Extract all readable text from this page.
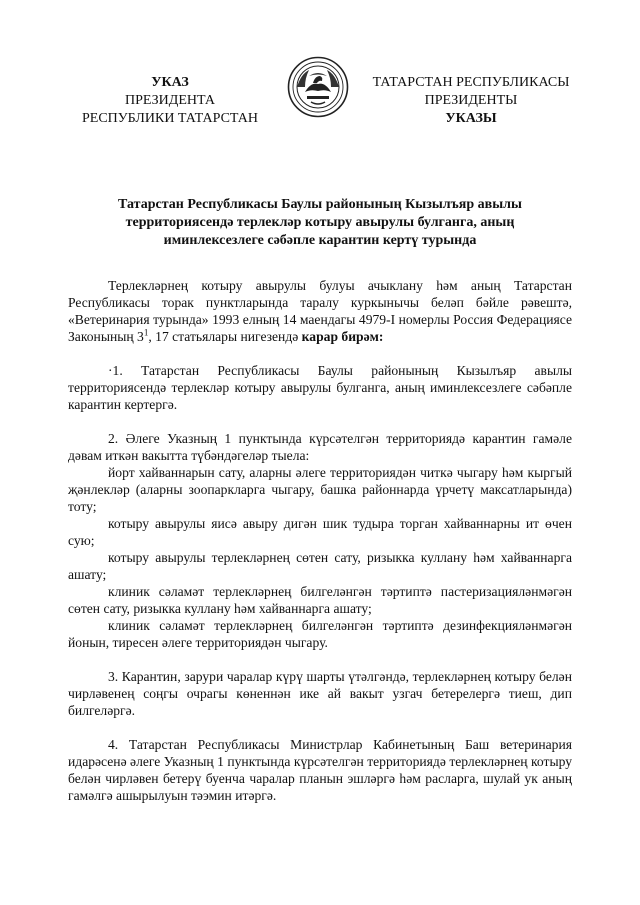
УКАЗ
ПРЕЗИДЕНТА
РЕСПУБЛИКИ ТАТАРСТАН
ТАТАРСТАН РЕСПУБЛИКАСЫ
ПРЕЗИДЕНТЫ
УКАЗЫ
Татарстан Республикасы Баулы районының Кызылъяр авылы
территориясендә терлекләр котыру авырулы булганга, аның
иминлексезлеге сәбәпле карантин кертү турында

Терлекләрнең котыру авырулы булуы ачыклану һәм аның Татарстан Республикасы торак пунктларында таралу куркынычы беләп бәйле рәвештә, «Ветеринария турында» 1993 елның 14 маендагы 4979-I номерлы Россия Федерациясе Законының $3^1$, 17 статьялары нигезендә карар бирәм:

·1. Татарстан Республикасы Баулы районының Кызылъяр авылы территориясендә терлекләр котыру авырулы булганга, аның иминлексезлеге сәбәпле карантин кертергә.

2. Әлеге Указның 1 пунктында күрсәтелгән территориядә карантин гамәле дәвам иткән вакытта түбәндәгеләр тыела:

йорт хайваннарын сату, аларны әлеге территориядән читкә чыгару һәм кыргый җәнлекләр (аларны зоопаркларга чыгару, башка районнарда үрчетү максатларында) тоту;

котыру авырулы яисә авыру дигән шик тудыра торган хайваннарны ит өчен сую;

котыру авырулы терлекләрнең сөтен сату, ризыкка куллану һәм хайваннарга ашату;

клиник сәламәт терлекләрнең билгеләнгән тәртиптә пастеризацияләнмәгән сөтен сату, ризыкка куллану һәм хайваннарга ашату;

клиник сәламәт терлекләрнең билгеләнгән тәртиптә дезинфекцияләнмәгән йонын, тиресен әлеге территориядән чыгару.

3. Карантин, зарури чаралар күрү шарты үтәлгәндә, терлекләрнең котыру белән чирләвенең соңгы очрагы көненнән ике ай вакыт узгач бетерелергә тиеш, дип билгеләргә.

4. Татарстан Республикасы Министрлар Кабинетының Баш ветеринария идарәсенә әлеге Указның 1 пунктында күрсәтелгән территориядә терлекләрнең котыру белән чирләвен бетерү буенча чаралар планын эшләргә һәм расларга, шулай ук аның гамәлгә ашырылуын тәэмин итәргә.
